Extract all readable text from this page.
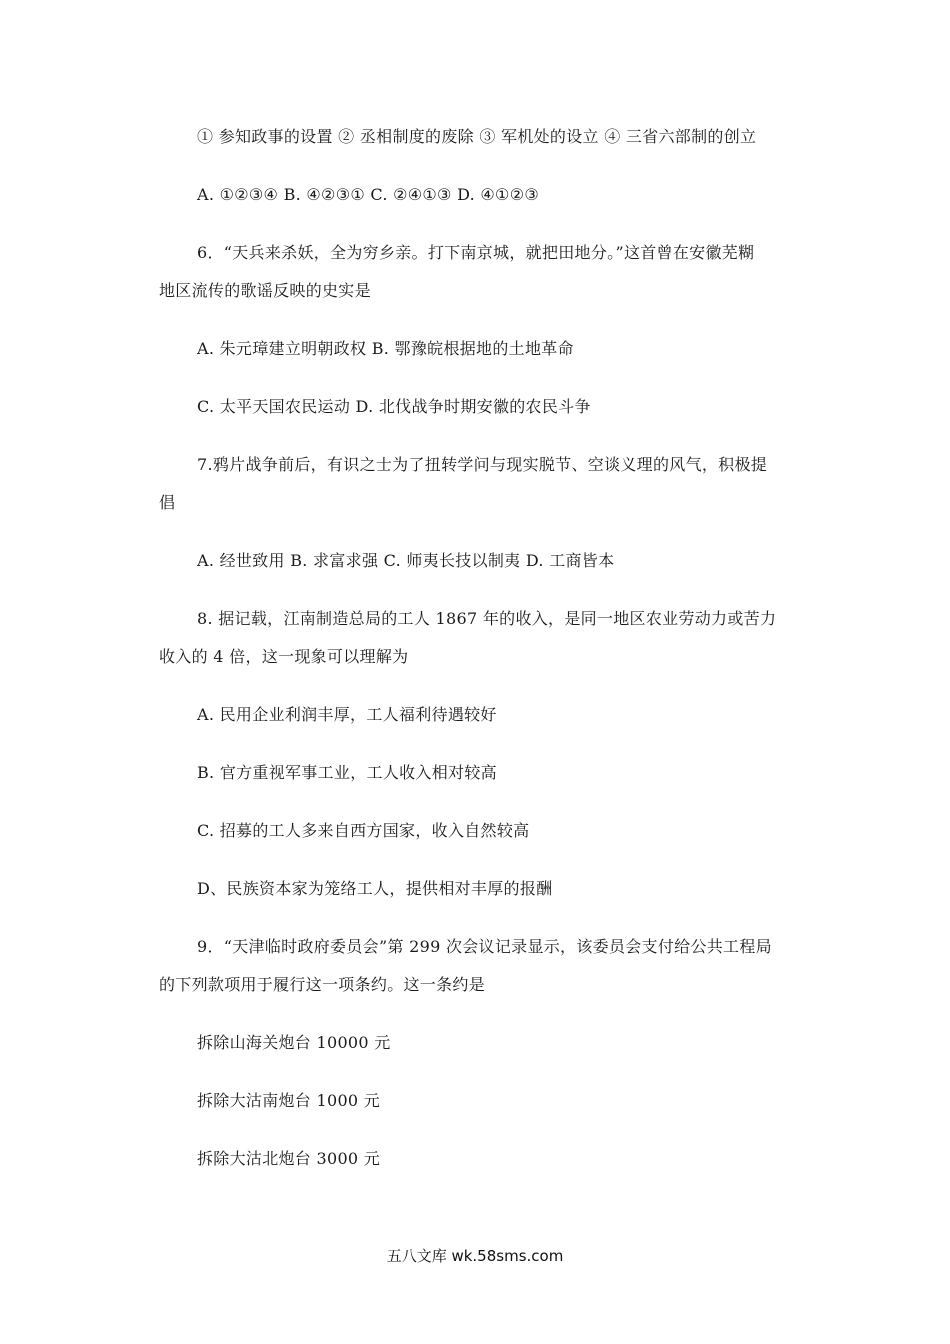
① 参知政事的设置 ② 丞相制度的废除 ③ 军机处的设立 ④ 三省六部制的创立
A. ①②③④ B. ④②③① C. ②④①③ D. ④①②③
6．“天兵来杀妖，全为穷乡亲。打下南京城，就把田地分。”这首曾在安徽芜糊
地区流传的歌谣反映的史实是
A. 朱元璋建立明朝政权 B. 鄂豫皖根据地的土地革命
C. 太平天国农民运动 D. 北伐战争时期安徽的农民斗争
7.鸦片战争前后，有识之士为了扭转学问与现实脱节、空谈义理的风气，积极提
倡
A. 经世致用 B. 求富求强 C. 师夷长技以制夷 D. 工商皆本
8. 据记载，江南制造总局的工人 1867 年的收入，是同一地区农业劳动力或苦力
收入的 4 倍，这一现象可以理解为
A. 民用企业利润丰厚，工人福利待遇较好
B. 官方重视军事工业，工人收入相对较高
C. 招募的工人多来自西方国家，收入自然较高
D、民族资本家为笼络工人，提供相对丰厚的报酬
9．“天津临时政府委员会”第 299 次会议记录显示，该委员会支付给公共工程局
的下列款项用于履行这一项条约。这一条约是
拆除山海关炮台 10000 元
拆除大沽南炮台 1000 元
拆除大沽北炮台 3000 元
五八文库 wk.58sms.com
